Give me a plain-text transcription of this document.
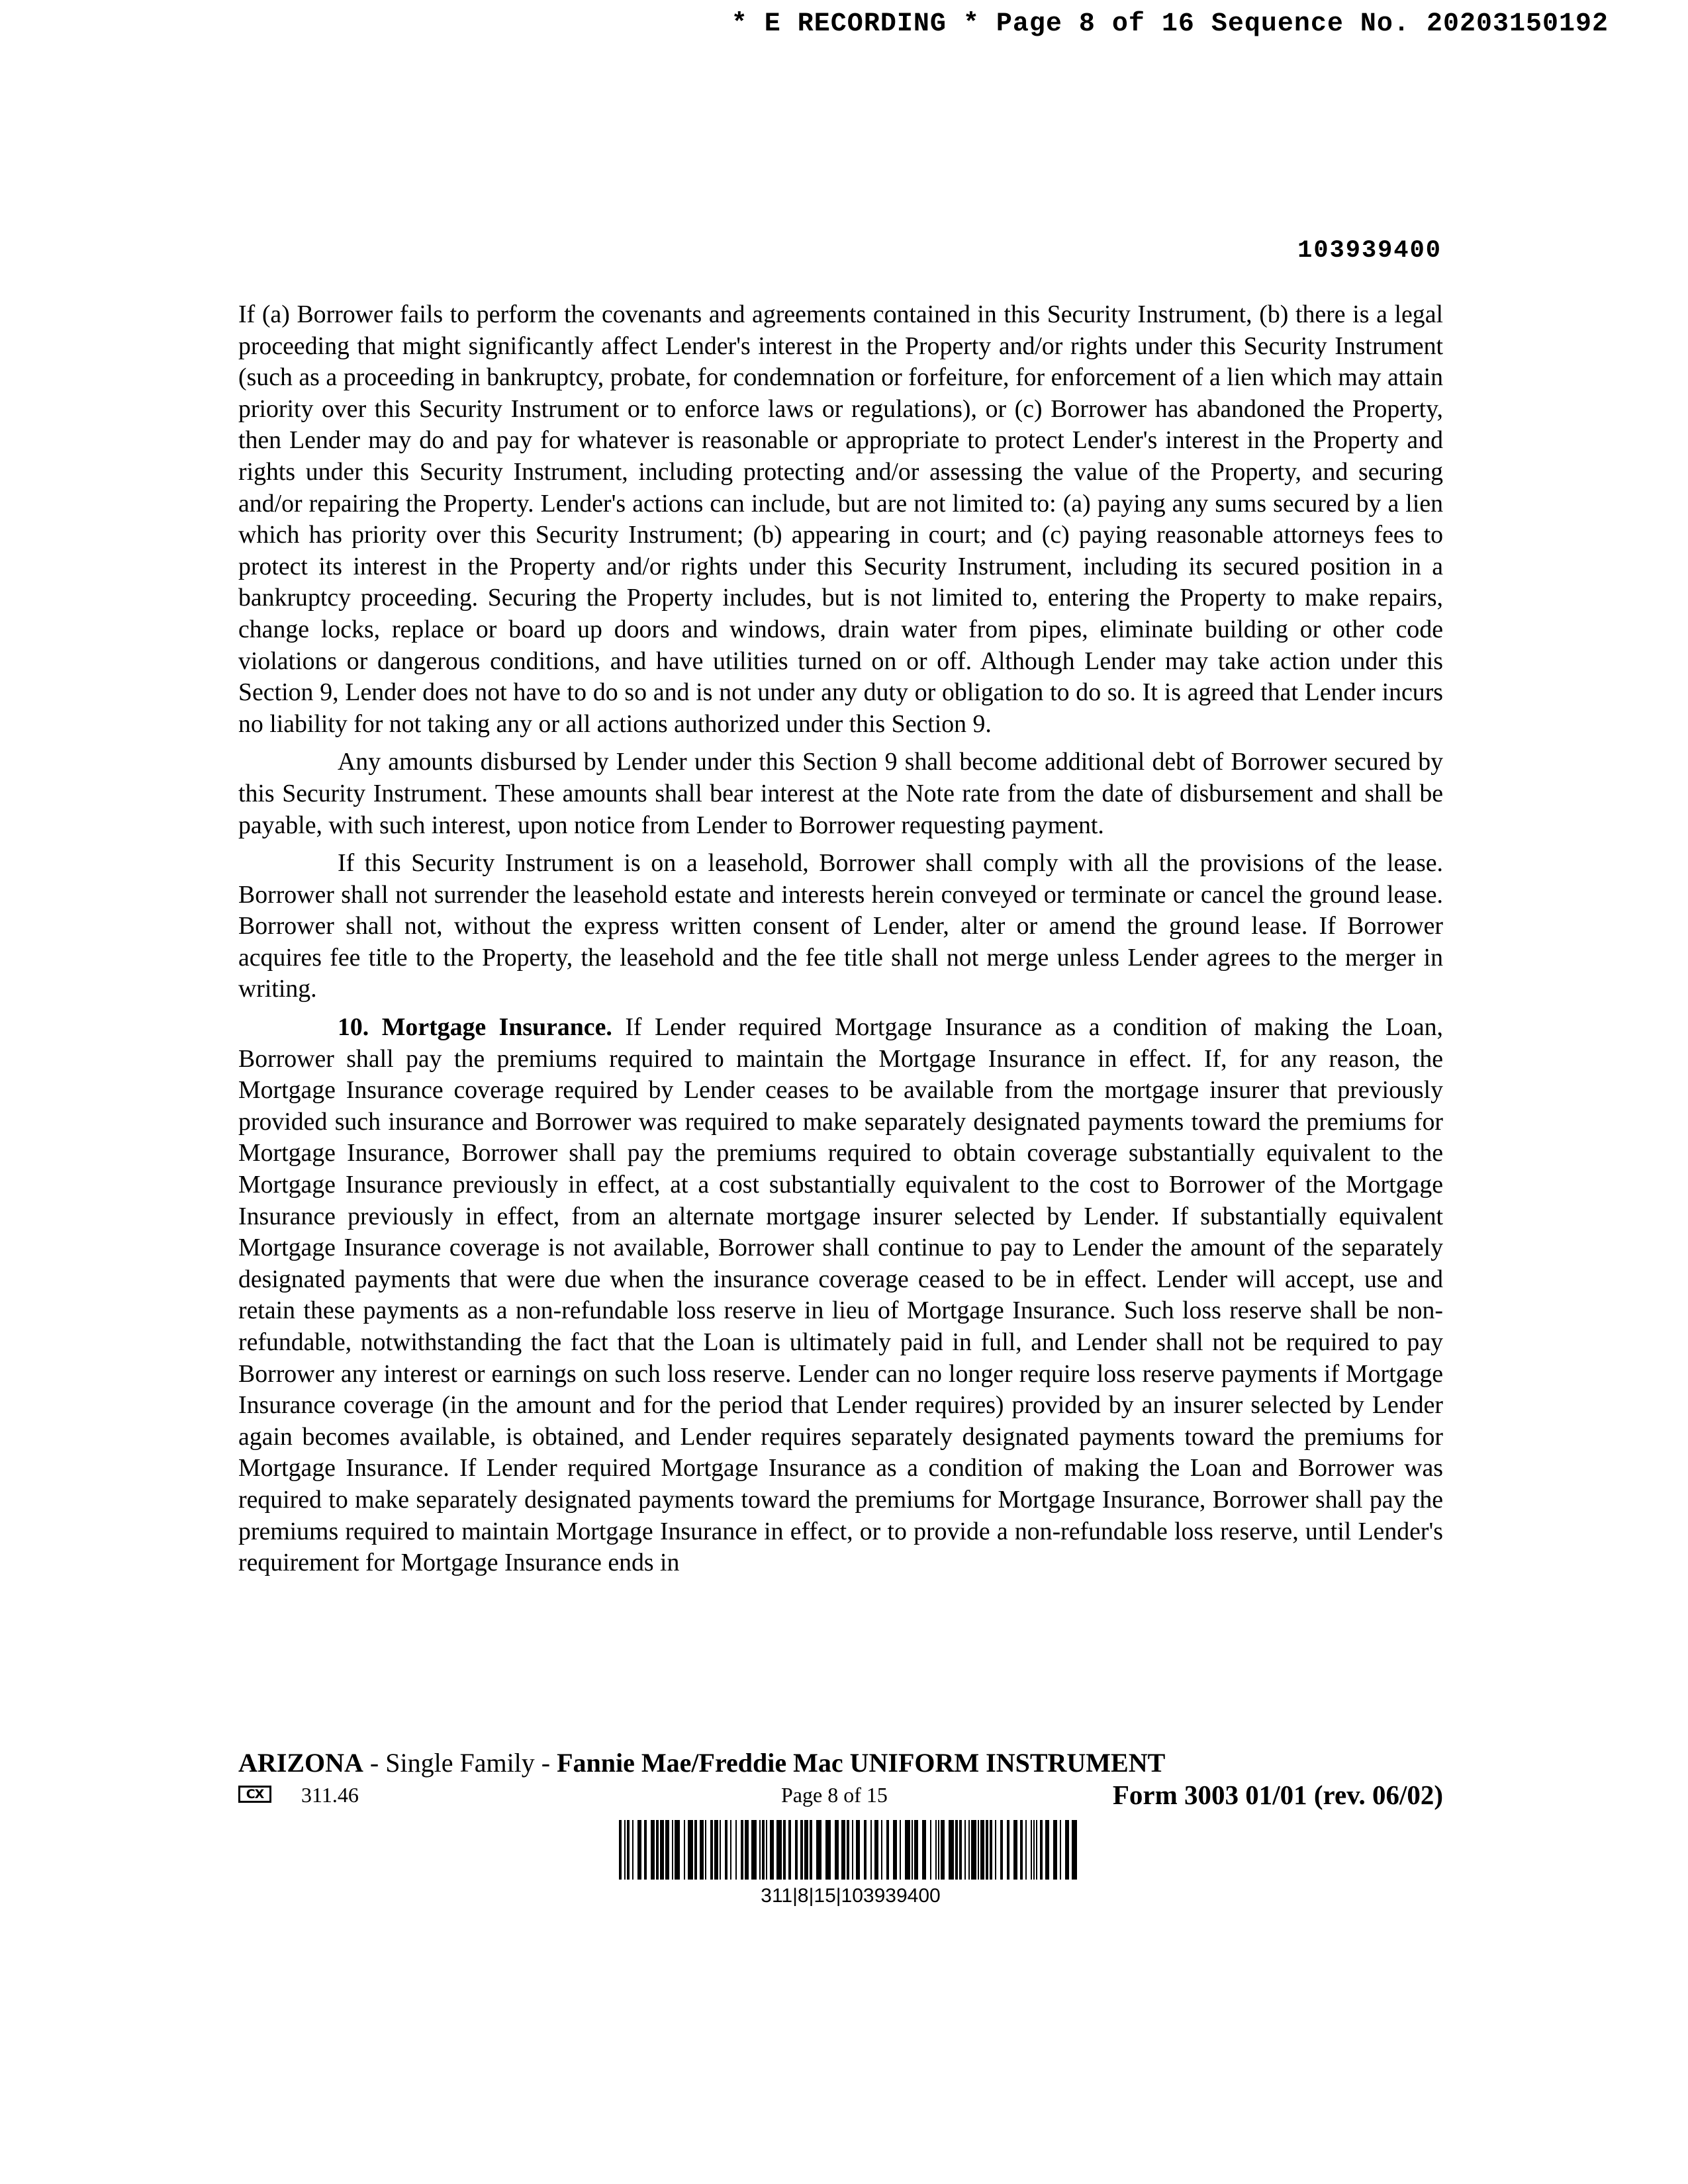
* E RECORDING * Page 8 of 16 Sequence No. 20203150192
103939400

If (a) Borrower fails to perform the covenants and agreements contained in this Security Instrument, (b) there is a legal proceeding that might significantly affect Lender's interest in the Property and/or rights under this Security Instrument (such as a proceeding in bankruptcy, probate, for condemnation or forfeiture, for enforcement of a lien which may attain priority over this Security Instrument or to enforce laws or regulations), or (c) Borrower has abandoned the Property, then Lender may do and pay for whatever is reasonable or appropriate to protect Lender's interest in the Property and rights under this Security Instrument, including protecting and/or assessing the value of the Property, and securing and/or repairing the Property. Lender's actions can include, but are not limited to: (a) paying any sums secured by a lien which has priority over this Security Instrument; (b) appearing in court; and (c) paying reasonable attorneys fees to protect its interest in the Property and/or rights under this Security Instrument, including its secured position in a bankruptcy proceeding. Securing the Property includes, but is not limited to, entering the Property to make repairs, change locks, replace or board up doors and windows, drain water from pipes, eliminate building or other code violations or dangerous conditions, and have utilities turned on or off. Although Lender may take action under this Section 9, Lender does not have to do so and is not under any duty or obligation to do so. It is agreed that Lender incurs no liability for not taking any or all actions authorized under this Section 9.

Any amounts disbursed by Lender under this Section 9 shall become additional debt of Borrower secured by this Security Instrument. These amounts shall bear interest at the Note rate from the date of disbursement and shall be payable, with such interest, upon notice from Lender to Borrower requesting payment.

If this Security Instrument is on a leasehold, Borrower shall comply with all the provisions of the lease. Borrower shall not surrender the leasehold estate and interests herein conveyed or terminate or cancel the ground lease. Borrower shall not, without the express written consent of Lender, alter or amend the ground lease. If Borrower acquires fee title to the Property, the leasehold and the fee title shall not merge unless Lender agrees to the merger in writing.

10. Mortgage Insurance. If Lender required Mortgage Insurance as a condition of making the Loan, Borrower shall pay the premiums required to maintain the Mortgage Insurance in effect. If, for any reason, the Mortgage Insurance coverage required by Lender ceases to be available from the mortgage insurer that previously provided such insurance and Borrower was required to make separately designated payments toward the premiums for Mortgage Insurance, Borrower shall pay the premiums required to obtain coverage substantially equivalent to the Mortgage Insurance previously in effect, at a cost substantially equivalent to the cost to Borrower of the Mortgage Insurance previously in effect, from an alternate mortgage insurer selected by Lender. If substantially equivalent Mortgage Insurance coverage is not available, Borrower shall continue to pay to Lender the amount of the separately designated payments that were due when the insurance coverage ceased to be in effect. Lender will accept, use and retain these payments as a non-refundable loss reserve in lieu of Mortgage Insurance. Such loss reserve shall be non-refundable, notwithstanding the fact that the Loan is ultimately paid in full, and Lender shall not be required to pay Borrower any interest or earnings on such loss reserve. Lender can no longer require loss reserve payments if Mortgage Insurance coverage (in the amount and for the period that Lender requires) provided by an insurer selected by Lender again becomes available, is obtained, and Lender requires separately designated payments toward the premiums for Mortgage Insurance. If Lender required Mortgage Insurance as a condition of making the Loan and Borrower was required to make separately designated payments toward the premiums for Mortgage Insurance, Borrower shall pay the premiums required to maintain Mortgage Insurance in effect, or to provide a non-refundable loss reserve, until Lender's requirement for Mortgage Insurance ends in

ARIZONA - Single Family - Fannie Mae/Freddie Mac UNIFORM INSTRUMENT
CX	311.46	Page 8 of 15	Form 3003 01/01 (rev. 06/02)
311|8|15|103939400
